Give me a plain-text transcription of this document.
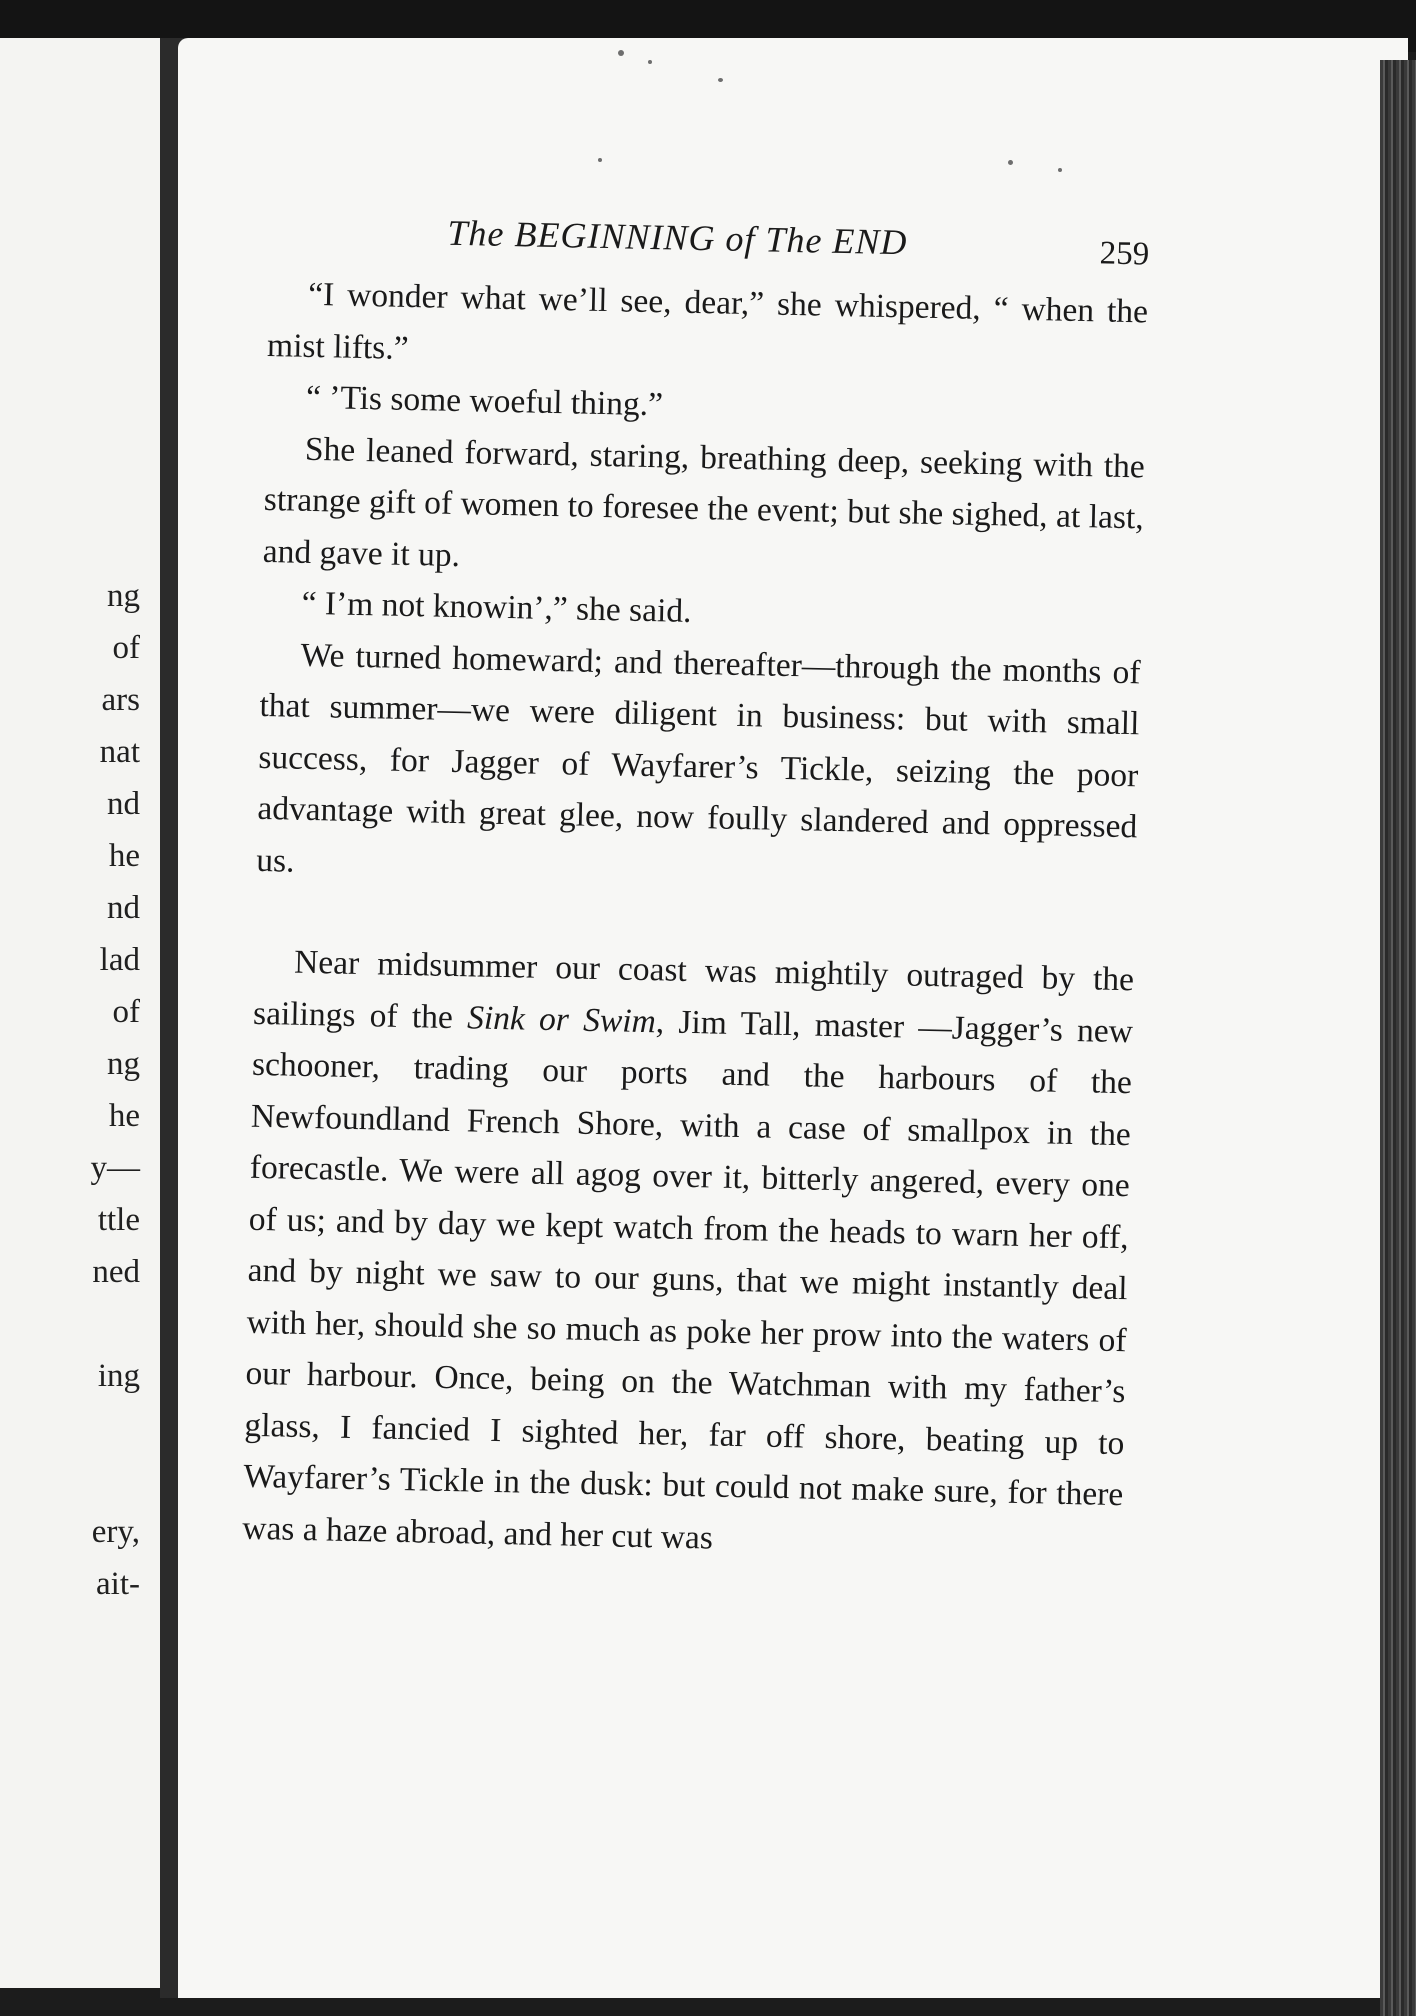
ng
of
ars
nat
nd
he
nd
lad
of
ng
he
y—
ttle
ned
ing
ery,
ait-
The BEGINNING of The END	259

“I wonder what we’ll see, dear,” she whispered, “ when the mist lifts.”

“ ’Tis some woeful thing.”

She leaned forward, staring, breathing deep, seeking with the strange gift of women to foresee the event; but she sighed, at last, and gave it up.

“ I’m not knowin’,” she said.

We turned homeward; and thereafter—through the months of that summer—we were diligent in business: but with small success, for Jagger of Wayfarer’s Tickle, seizing the poor advantage with great glee, now foully slandered and oppressed us.

Near midsummer our coast was mightily outraged by the sailings of the Sink or Swim, Jim Tall, master —Jagger’s new schooner, trading our ports and the harbours of the Newfoundland French Shore, with a case of smallpox in the forecastle. We were all agog over it, bitterly angered, every one of us; and by day we kept watch from the heads to warn her off, and by night we saw to our guns, that we might instantly deal with her, should she so much as poke her prow into the waters of our harbour. Once, being on the Watchman with my father’s glass, I fancied I sighted her, far off shore, beating up to Wayfarer’s Tickle in the dusk: but could not make sure, for there was a haze abroad, and her cut was
